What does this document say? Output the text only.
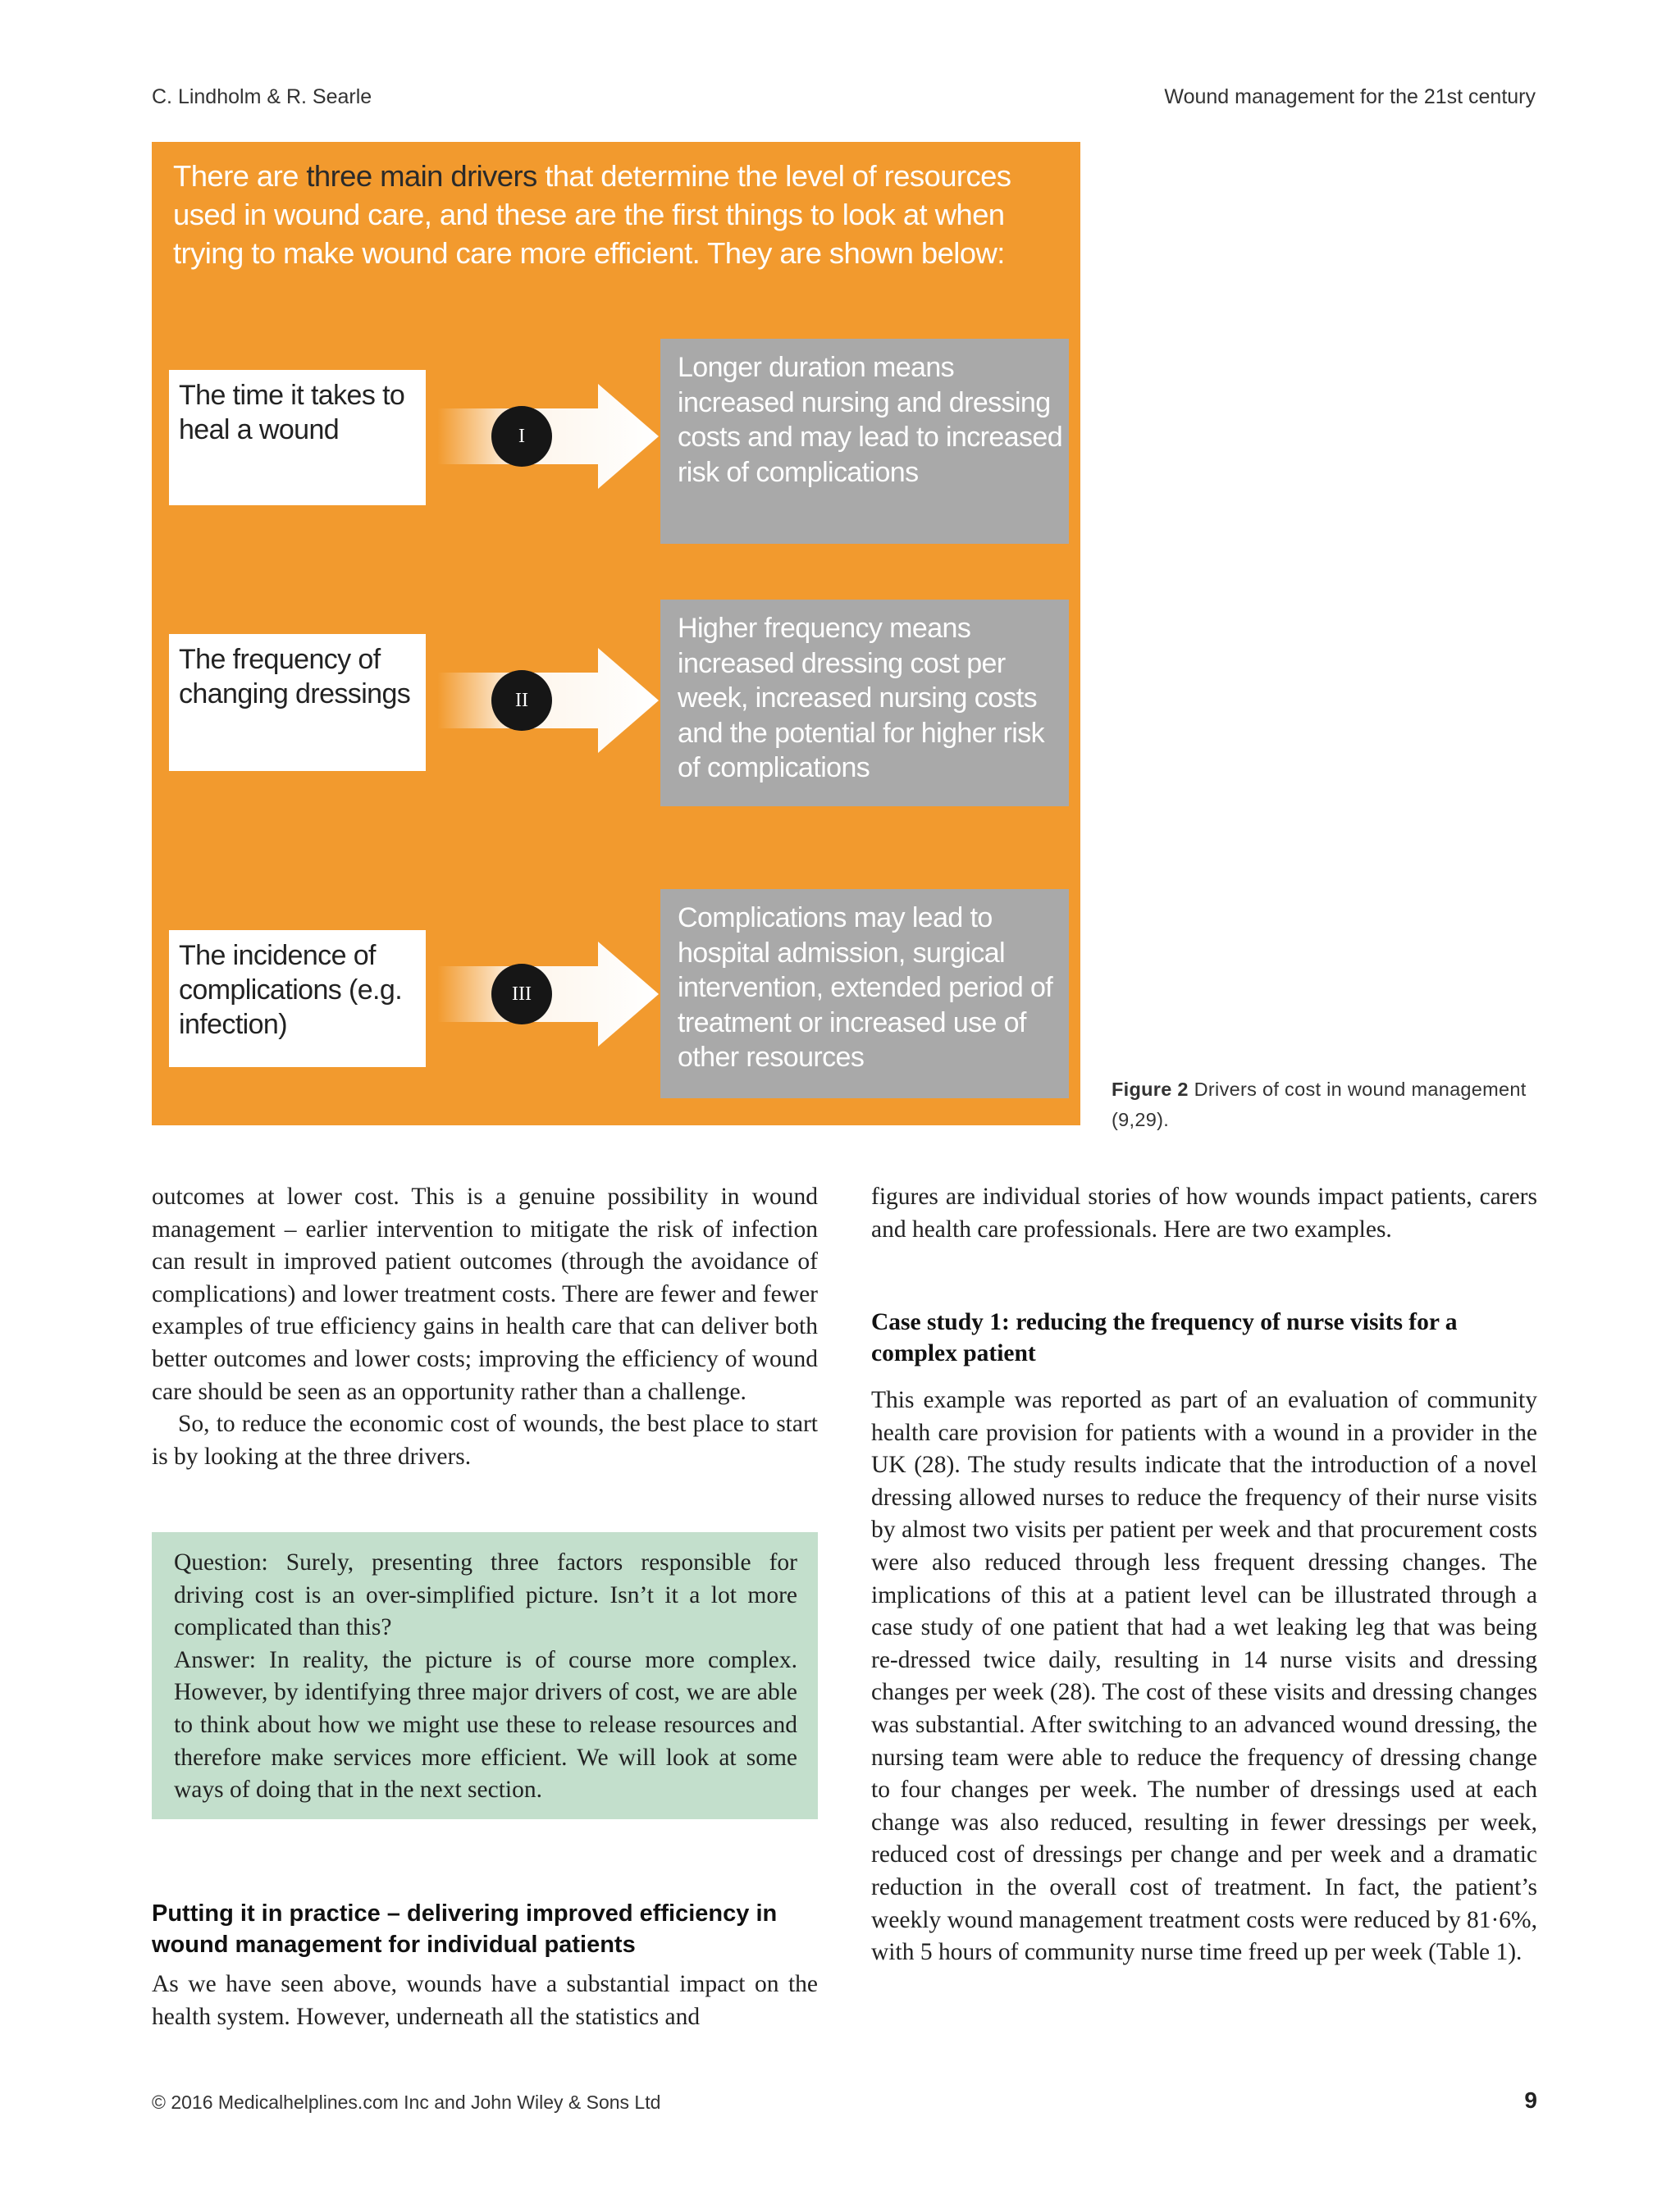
C. Lindholm & R. Searle	Wound management for the 21st century
There are three main drivers that determine the level of resources used in wound care, and these are the first things to look at when trying to make wound care more efficient. They are shown below:
The time it takes to heal a wound	I
Longer duration means increased nursing and dressing costs and may lead to increased risk of complications
The frequency of changing dressings	II
Higher frequency means increased dressing cost per week, increased nursing costs and the potential for higher risk of complications
The incidence of complications (e.g. infection)
III
Complications may lead to hospital admission, surgical intervention, extended period of treatment or increased use of other resources
Figure 2 Drivers of cost in wound management (9,29).

outcomes at lower cost. This is a genuine possibility in wound management – earlier intervention to mitigate the risk of infection can result in improved patient outcomes (through the avoidance of complications) and lower treatment costs. There are fewer and fewer examples of true efficiency gains in health care that can deliver both better outcomes and lower costs; improving the efficiency of wound care should be seen as an opportunity rather than a challenge.

So, to reduce the economic cost of wounds, the best place to start is by looking at the three drivers.

Question: Surely, presenting three factors responsible for driving cost is an over-simplified picture. Isn’t it a lot more complicated than this?

Answer: In reality, the picture is of course more complex. However, by identifying three major drivers of cost, we are able to think about how we might use these to release resources and therefore make services more efficient. We will look at some ways of doing that in the next section.

Putting it in practice – delivering improved efficiency in wound management for individual patients
As we have seen above, wounds have a substantial impact on the health system. However, underneath all the statistics and
figures are individual stories of how wounds impact patients, carers and health care professionals. Here are two examples.
Case study 1: reducing the frequency of nurse visits for a complex patient
This example was reported as part of an evaluation of community health care provision for patients with a wound in a provider in the UK (28). The study results indicate that the introduction of a novel dressing allowed nurses to reduce the frequency of their nurse visits by almost two visits per patient per week and that procurement costs were also reduced through less frequent dressing changes. The implications of this at a patient level can be illustrated through a case study of one patient that had a wet leaking leg that was being re-dressed twice daily, resulting in 14 nurse visits and dressing changes per week (28). The cost of these visits and dressing changes was substantial. After switching to an advanced wound dressing, the nursing team were able to reduce the frequency of dressing change to four changes per week. The number of dressings used at each change was also reduced, resulting in fewer dressings per week, reduced cost of dressings per change and per week and a dramatic reduction in the overall cost of treatment. In fact, the patient’s weekly wound management treatment costs were reduced by 81·6%, with 5 hours of community nurse time freed up per week (Table 1).
© 2016 Medicalhelplines.com Inc and John Wiley & Sons Ltd	9
